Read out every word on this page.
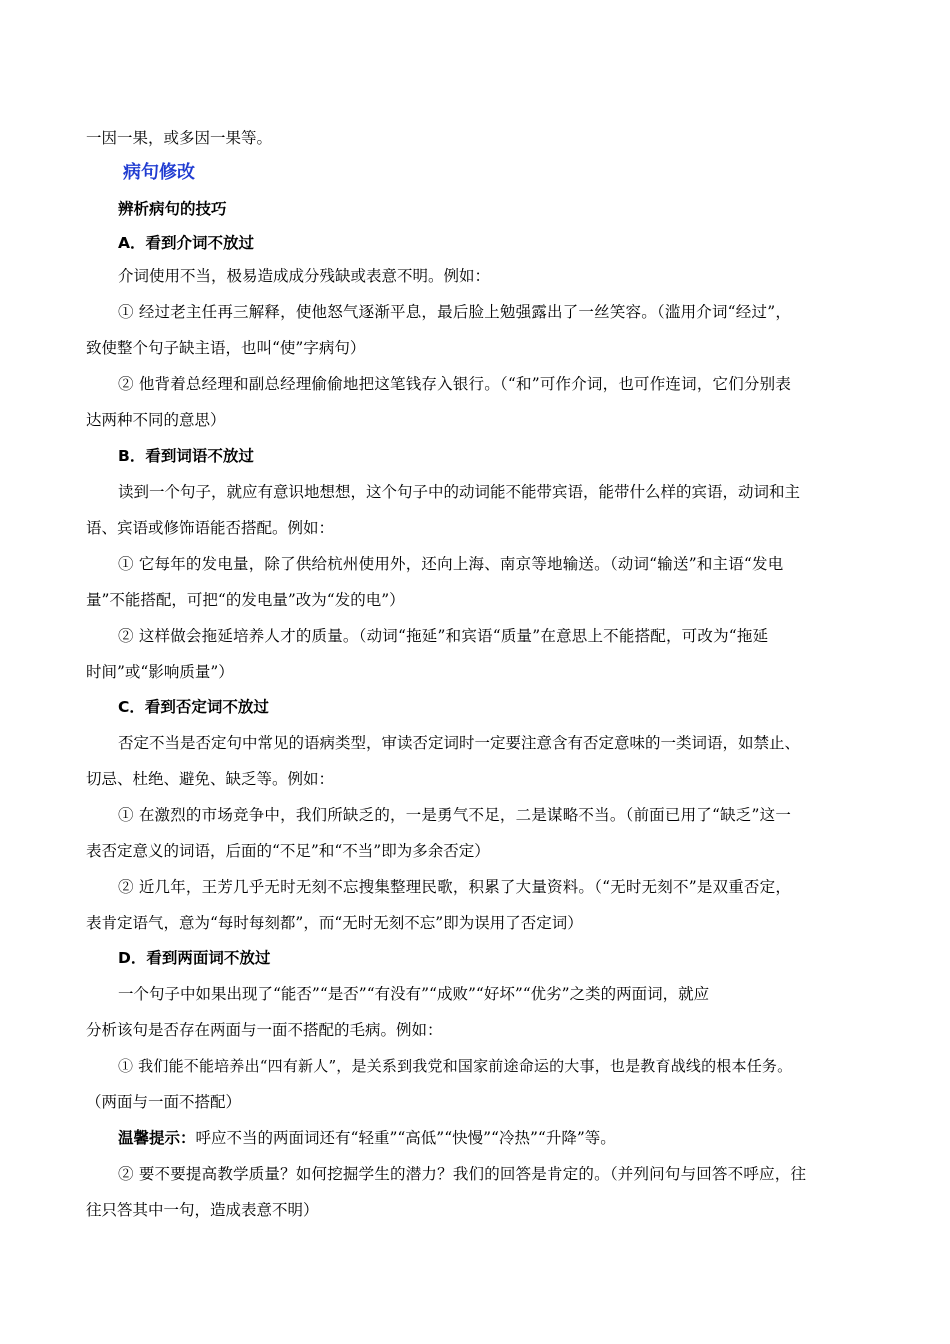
一因一果，或多因一果等。
病句修改
辨析病句的技巧
A．看到介词不放过
介词使用不当，极易造成成分残缺或表意不明。例如：
① 经过老主任再三解释，使他怒气逐渐平息，最后脸上勉强露出了一丝笑容。（滥用介词“经过”，
致使整个句子缺主语，也叫“使”字病句）
② 他背着总经理和副总经理偷偷地把这笔钱存入银行。（“和”可作介词，也可作连词，它们分别表
达两种不同的意思）
B．看到词语不放过
读到一个句子，就应有意识地想想，这个句子中的动词能不能带宾语，能带什么样的宾语，动词和主
语、宾语或修饰语能否搭配。例如：
① 它每年的发电量，除了供给杭州使用外，还向上海、南京等地输送。（动词“输送”和主语“发电
量”不能搭配，可把“的发电量”改为“发的电”）
② 这样做会拖延培养人才的质量。（动词“拖延”和宾语“质量”在意思上不能搭配，可改为“拖延
时间”或“影响质量”）
C．看到否定词不放过
否定不当是否定句中常见的语病类型，审读否定词时一定要注意含有否定意味的一类词语，如禁止、
切忌、杜绝、避免、缺乏等。例如：
① 在激烈的市场竞争中，我们所缺乏的，一是勇气不足，二是谋略不当。（前面已用了“缺乏”这一
表否定意义的词语，后面的“不足”和“不当”即为多余否定）
② 近几年，王芳几乎无时无刻不忘搜集整理民歌，积累了大量资料。（“无时无刻不”是双重否定，
表肯定语气，意为“每时每刻都”，而“无时无刻不忘”即为误用了否定词）
D．看到两面词不放过
一个句子中如果出现了“能否”“是否”“有没有”“成败”“好坏”“优劣”之类的两面词，就应
分析该句是否存在两面与一面不搭配的毛病。例如：
① 我们能不能培养出“四有新人”，是关系到我党和国家前途命运的大事，也是教育战线的根本任务。
（两面与一面不搭配）
温馨提示：呼应不当的两面词还有“轻重”“高低”“快慢”“冷热”“升降”等。
② 要不要提高教学质量？如何挖掘学生的潜力？我们的回答是肯定的。（并列问句与回答不呼应，往
往只答其中一句，造成表意不明）
